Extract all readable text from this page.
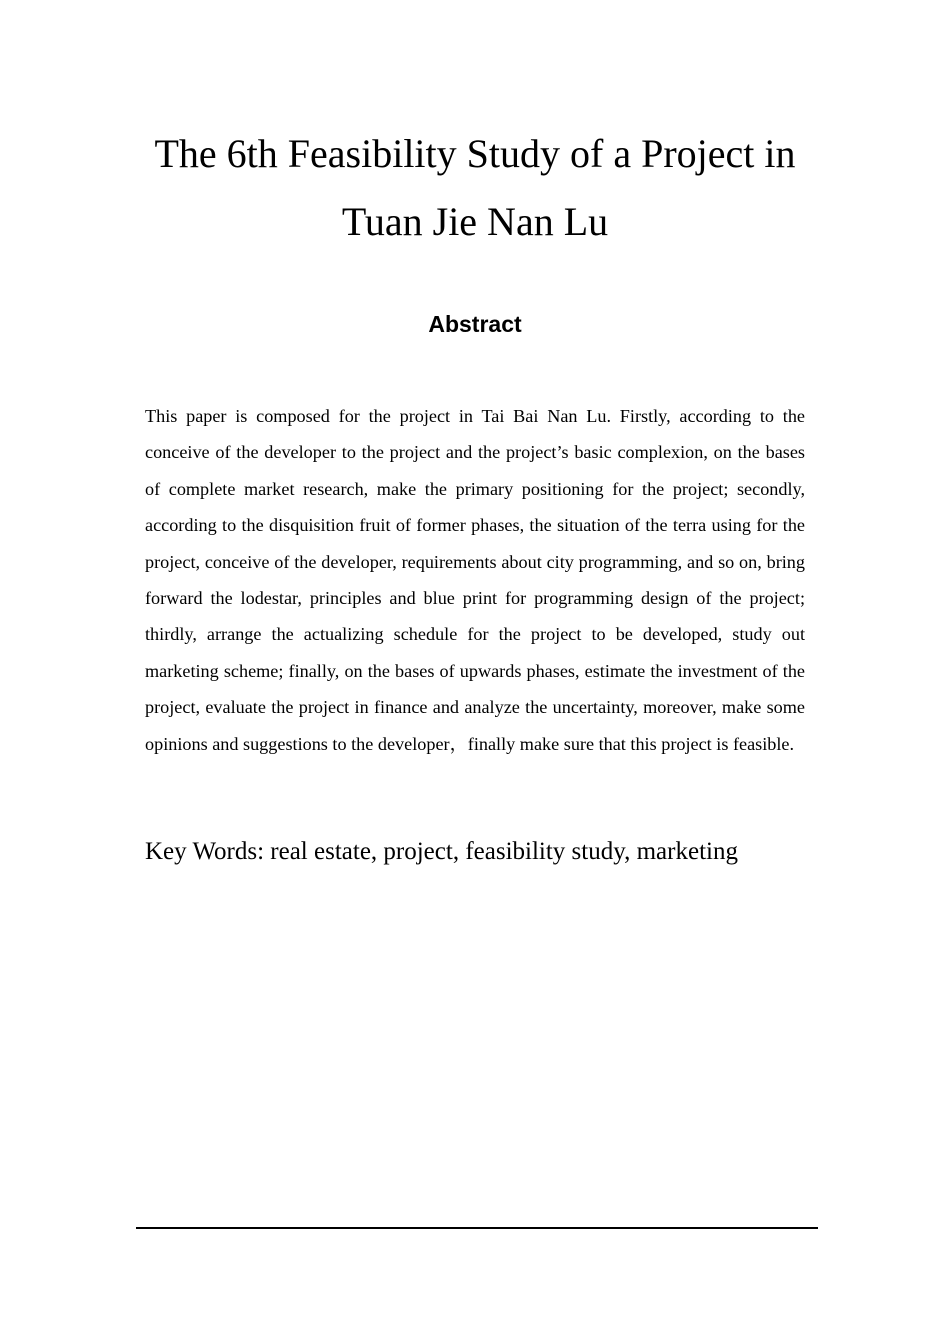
The 6th Feasibility Study of a Project in Tuan Jie Nan Lu
Abstract

This paper is composed for the project in Tai Bai Nan Lu. Firstly, according to the conceive of the developer to the project and the project’s basic complexion, on the bases of complete market research, make the primary positioning for the project; secondly, according to the disquisition fruit of former phases, the situation of the terra using for the project, conceive of the developer, requirements about city programming, and so on, bring forward the lodestar, principles and blue print for programming design of the project; thirdly, arrange the actualizing schedule for the project to be developed, study out marketing scheme; finally, on the bases of upwards phases, estimate the investment of the project, evaluate the project in finance and analyze the uncertainty, moreover, make some opinions and suggestions to the developer，finally make sure that this project is feasible.

Key Words: real estate, project, feasibility study, marketing
